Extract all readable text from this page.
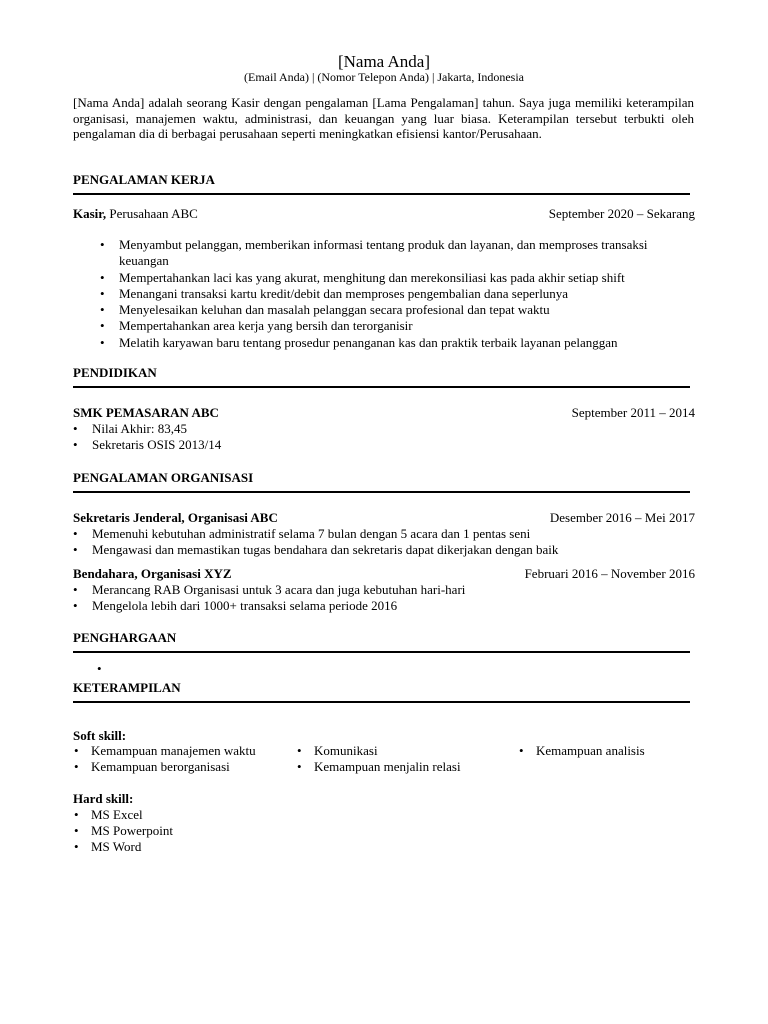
[Nama Anda]
(Email Anda) | (Nomor Telepon Anda) | Jakarta, Indonesia

[Nama Anda] adalah seorang Kasir dengan pengalaman [Lama Pengalaman] tahun. Saya juga memiliki keterampilan organisasi, manajemen waktu, administrasi, dan keuangan yang luar biasa. Keterampilan tersebut terbukti oleh pengalaman dia di berbagai perusahaan seperti meningkatkan efisiensi kantor/Perusahaan.

PENGALAMAN KERJA
Kasir, Perusahaan ABC	September 2020 – Sekarang
• Menyambut pelanggan, memberikan informasi tentang produk dan layanan, dan memproses transaksi keuangan
• Mempertahankan laci kas yang akurat, menghitung dan merekonsiliasi kas pada akhir setiap shift
• Menangani transaksi kartu kredit/debit dan memproses pengembalian dana seperlunya
• Menyelesaikan keluhan dan masalah pelanggan secara profesional dan tepat waktu
• Mempertahankan area kerja yang bersih dan terorganisir
• Melatih karyawan baru tentang prosedur penanganan kas dan praktik terbaik layanan pelanggan
PENDIDIKAN
SMK PEMASARAN ABC	September 2011 – 2014
• Nilai Akhir: 83,45
• Sekretaris OSIS 2013/14
PENGALAMAN ORGANISASI
Sekretaris Jenderal, Organisasi ABC	Desember 2016 – Mei 2017
• Memenuhi kebutuhan administratif selama 7 bulan dengan 5 acara dan 1 pentas seni
• Mengawasi dan memastikan tugas bendahara dan sekretaris dapat dikerjakan dengan baik
Bendahara, Organisasi XYZ	Februari 2016 – November 2016
• Merancang RAB Organisasi untuk 3 acara dan juga kebutuhan hari-hari
• Mengelola lebih dari 1000+ transaksi selama periode 2016
PENGHARGAAN
•
KETERAMPILAN
Soft skill:
• Kemampuan manajemen waktu
• Kemampuan berorganisasi
• Komunikasi
• Kemampuan menjalin relasi
• Kemampuan analisis
Hard skill:
• MS Excel
• MS Powerpoint
• MS Word
